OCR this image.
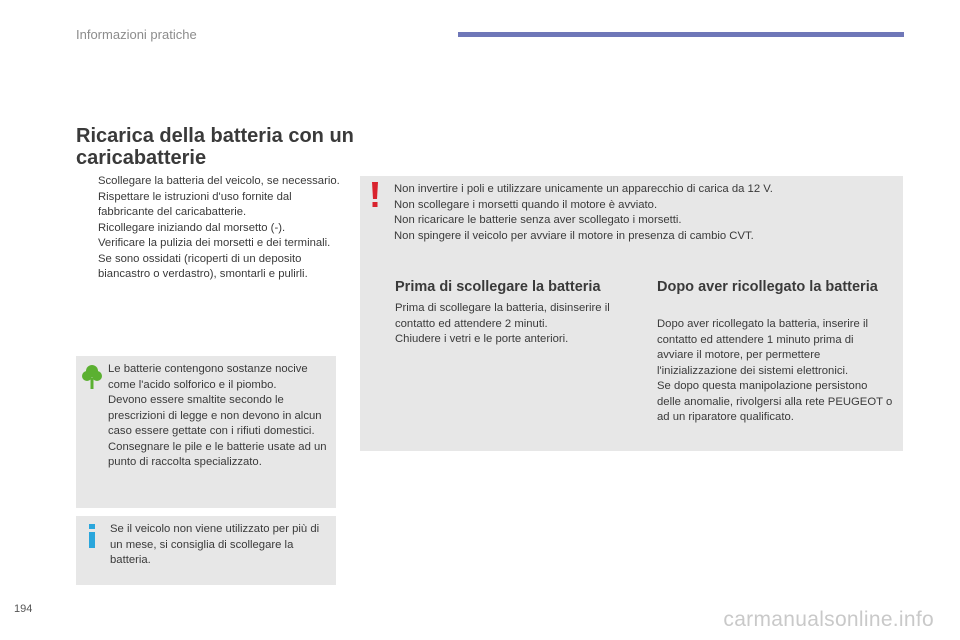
Informazioni pratiche
Ricarica della batteria con un caricabatterie
Scollegare la batteria del veicolo, se necessario.
Rispettare le istruzioni d'uso fornite dal fabbricante del caricabatterie.
Ricollegare iniziando dal morsetto (-).
Verificare la pulizia dei morsetti e dei terminali. Se sono ossidati (ricoperti di un deposito biancastro o verdastro), smontarli e pulirli.
Le batterie contengono sostanze nocive come l'acido solforico e il piombo.
Devono essere smaltite secondo le prescrizioni di legge e non devono in alcun caso essere gettate con i rifiuti domestici.
Consegnare le pile e le batterie usate ad un punto di raccolta specializzato.
Se il veicolo non viene utilizzato per più di un mese, si consiglia di scollegare la batteria.
Non invertire i poli e utilizzare unicamente un apparecchio di carica da 12 V.
Non scollegare i morsetti quando il motore è avviato.
Non ricaricare le batterie senza aver scollegato i morsetti.
Non spingere il veicolo per avviare il motore in presenza di cambio CVT.
Prima di scollegare la batteria
Prima di scollegare la batteria, disinserire il contatto ed attendere 2 minuti.
Chiudere i vetri e le porte anteriori.
Dopo aver ricollegato la batteria
Dopo aver ricollegato la batteria, inserire il contatto ed attendere 1 minuto prima di avviare il motore, per permettere l'inizializzazione dei sistemi elettronici.
Se dopo questa manipolazione persistono delle anomalie, rivolgersi alla rete PEUGEOT o ad un riparatore qualificato.
194	carmanualsonline.info
